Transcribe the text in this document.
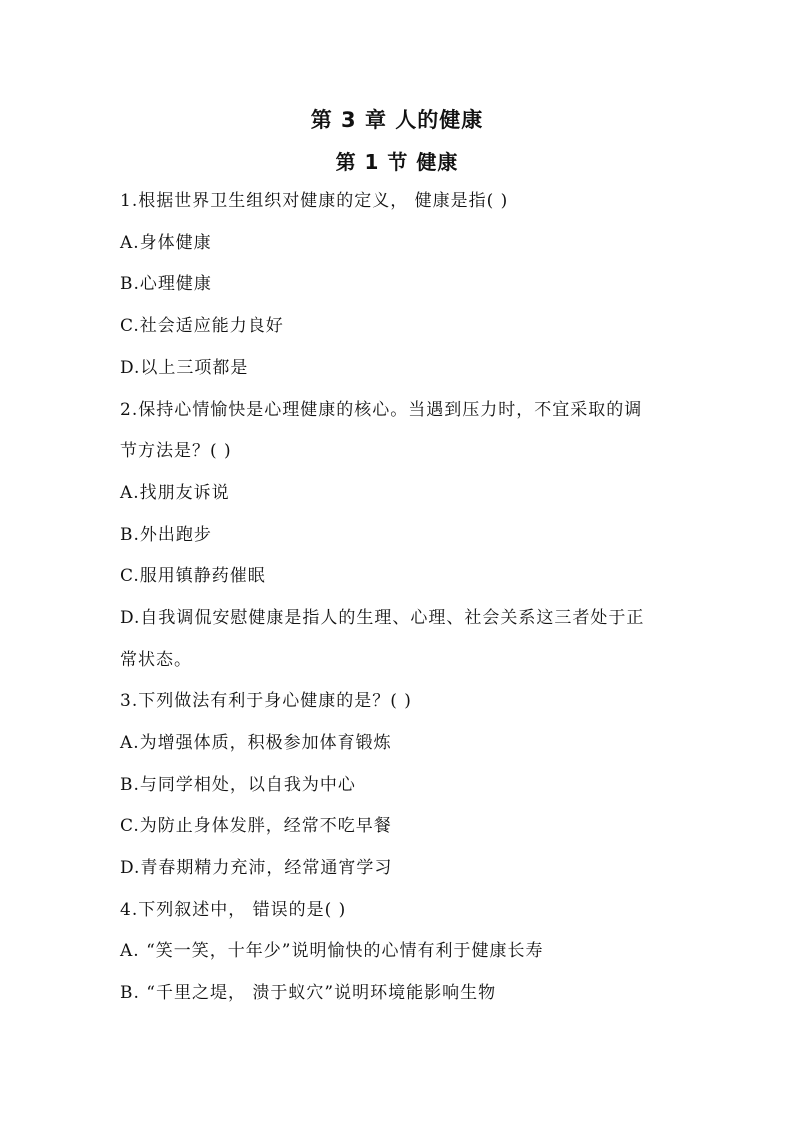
第 3 章 人的健康
第 1 节 健康
1.根据世界卫生组织对健康的定义， 健康是指( )
A.身体健康
B.心理健康
C.社会适应能力良好
D.以上三项都是
2.保持心情愉快是心理健康的核心。当遇到压力时，不宜采取的调
节方法是？( )
A.找朋友诉说
B.外出跑步
C.服用镇静药催眠
D.自我调侃安慰健康是指人的生理、心理、社会关系这三者处于正
常状态。
3.下列做法有利于身心健康的是？( )
A.为增强体质，积极参加体育锻炼
B.与同学相处，以自我为中心
C.为防止身体发胖，经常不吃早餐
D.青春期精力充沛，经常通宵学习
4.下列叙述中， 错误的是( )
A. “笑一笑，十年少”说明愉快的心情有利于健康长寿
B. “千里之堤， 溃于蚁穴”说明环境能影响生物
